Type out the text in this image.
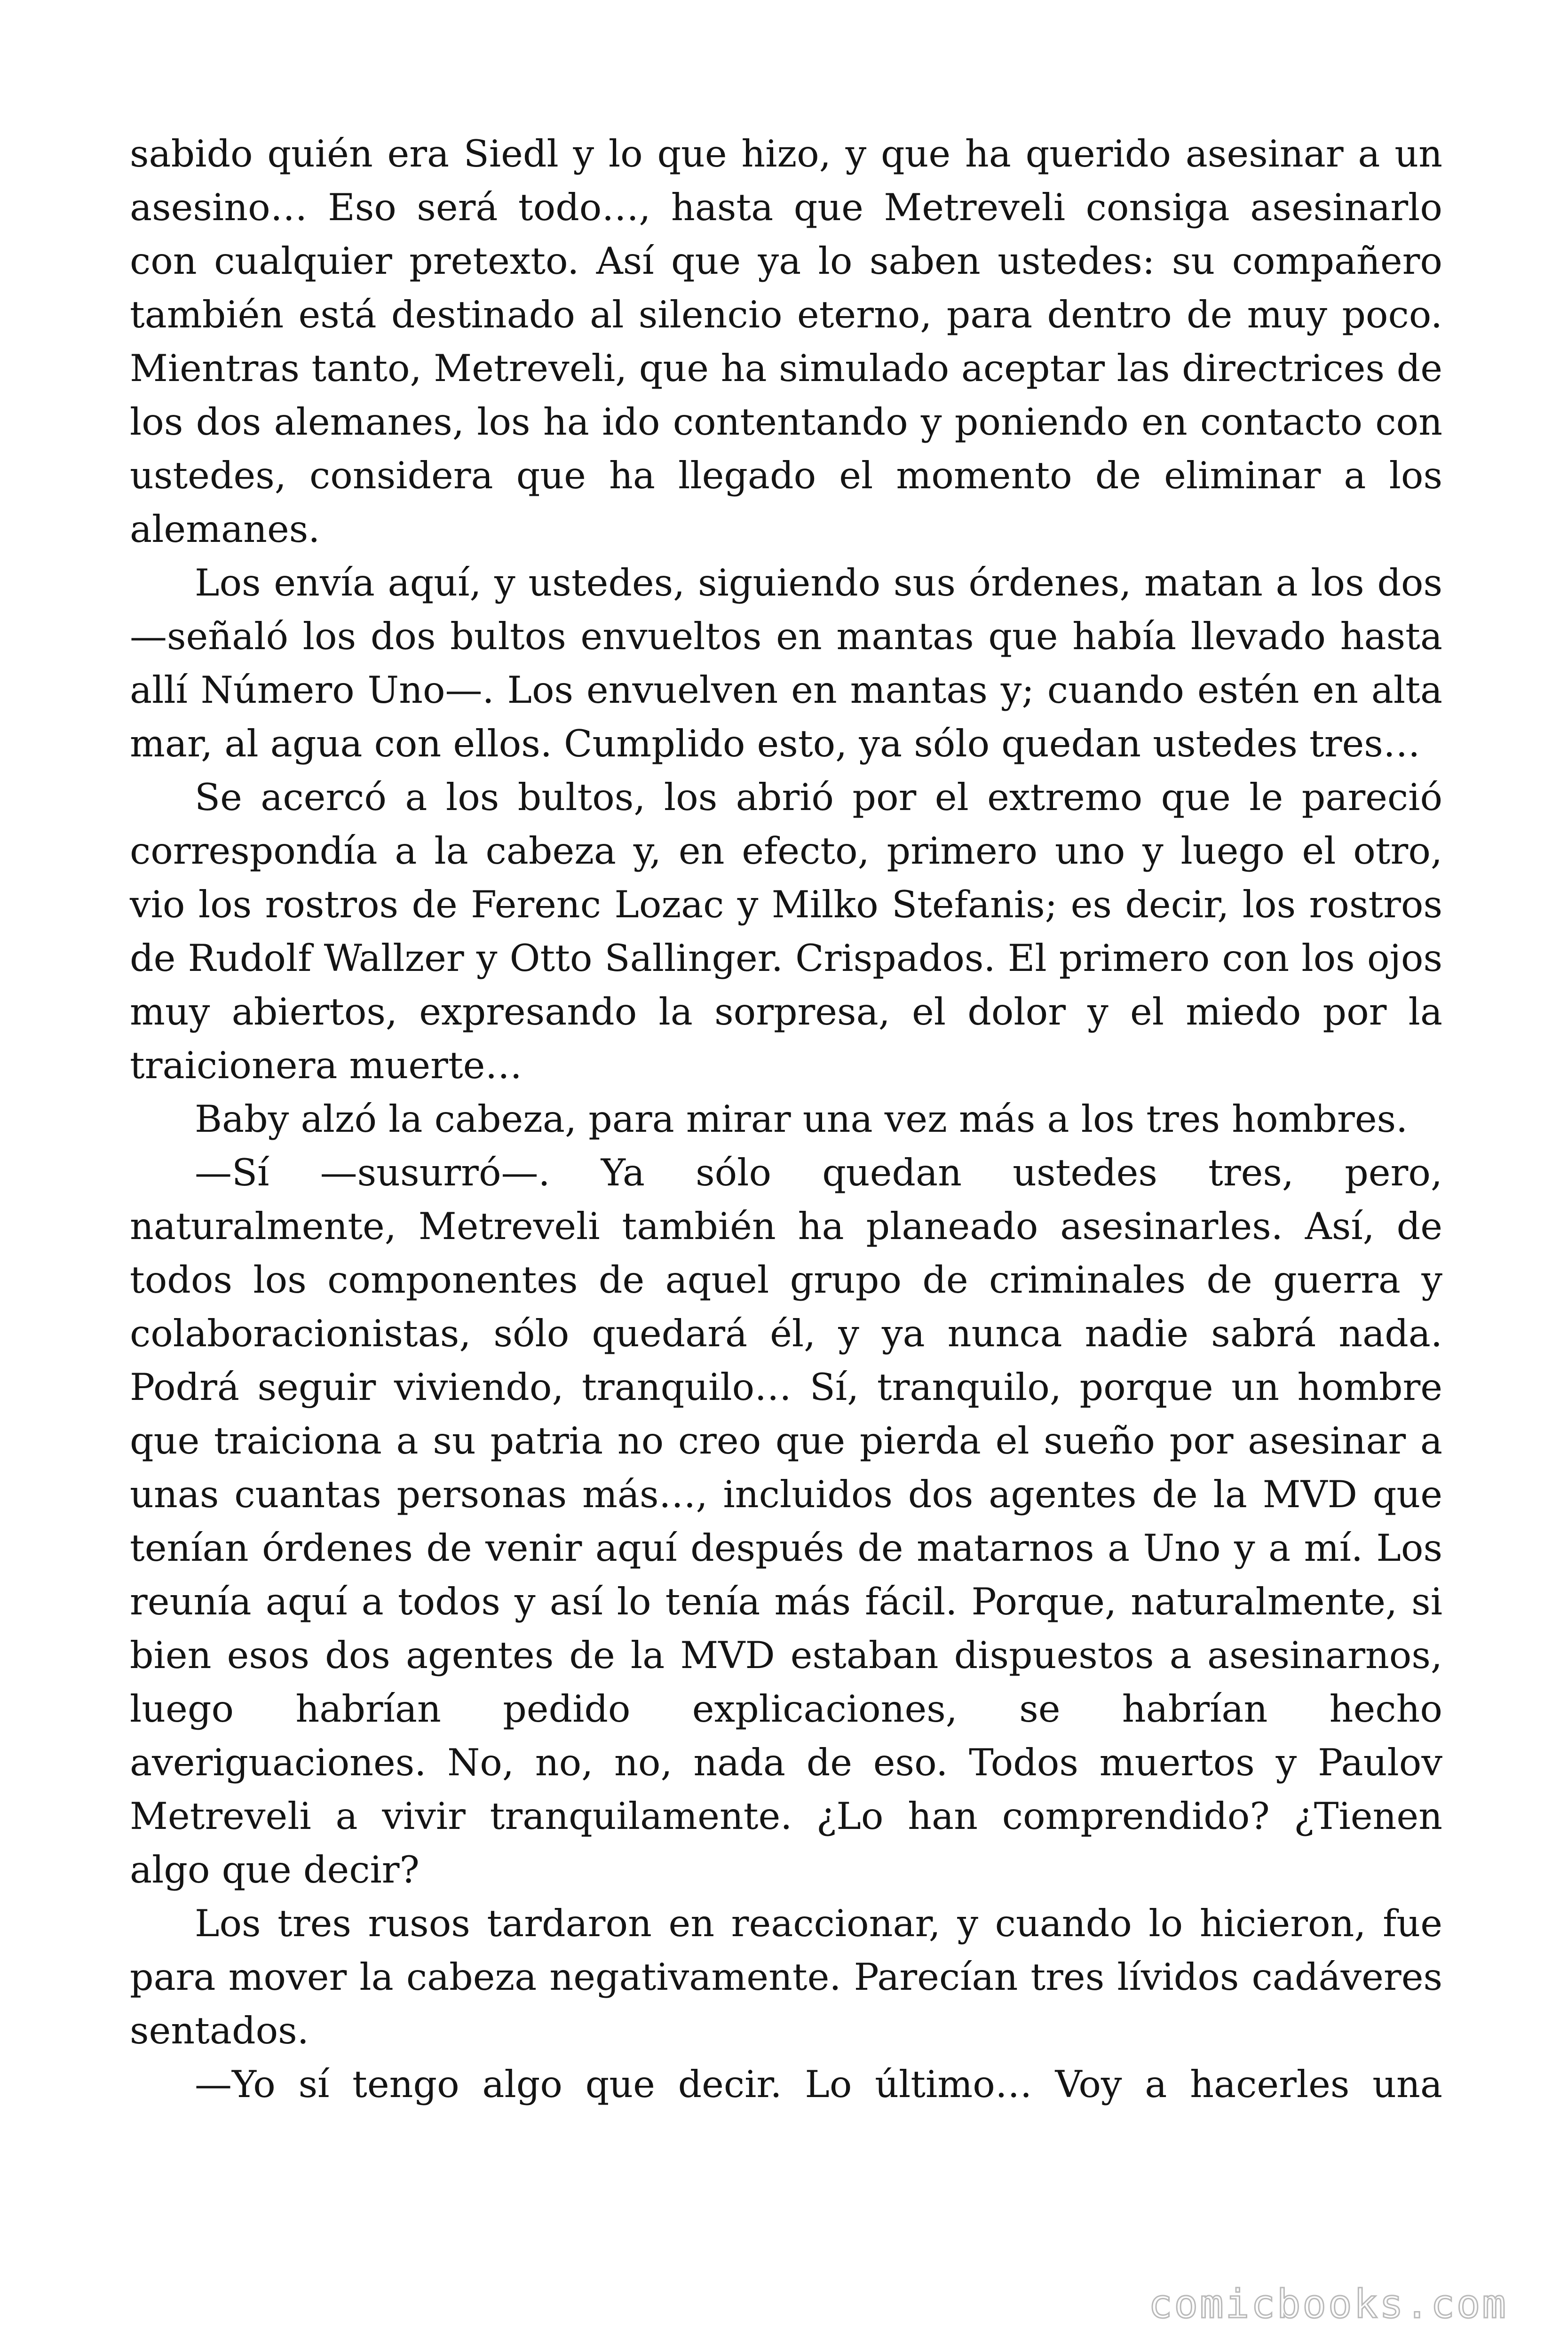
sabido quién era Siedl y lo que hizo, y que ha querido asesinar a un asesino… Eso será todo…, hasta que Metreveli consiga asesinarlo con cualquier pretexto. Así que ya lo saben ustedes: su compañero también está destinado al silencio eterno, para dentro de muy poco. Mientras tanto, Metreveli, que ha simulado aceptar las directrices de los dos alemanes, los ha ido contentando y poniendo en contacto con ustedes, considera que ha llegado el momento de eliminar a los alemanes.

Los envía aquí, y ustedes, siguiendo sus órdenes, matan a los dos —señaló los dos bultos envueltos en mantas que había llevado hasta allí Número Uno—. Los envuelven en mantas y; cuando estén en alta mar, al agua con ellos. Cumplido esto, ya sólo quedan ustedes tres…

Se acercó a los bultos, los abrió por el extremo que le pareció correspondía a la cabeza y, en efecto, primero uno y luego el otro, vio los rostros de Ferenc Lozac y Milko Stefanis; es decir, los rostros de Rudolf Wallzer y Otto Sallinger. Crispados. El primero con los ojos muy abiertos, expresando la sorpresa, el dolor y el miedo por la traicionera muerte…

Baby alzó la cabeza, para mirar una vez más a los tres hombres.

—Sí —susurró—. Ya sólo quedan ustedes tres, pero, naturalmente, Metreveli también ha planeado asesinarles. Así, de todos los componentes de aquel grupo de criminales de guerra y colaboracionistas, sólo quedará él, y ya nunca nadie sabrá nada. Podrá seguir viviendo, tranquilo… Sí, tranquilo, porque un hombre que traiciona a su patria no creo que pierda el sueño por asesinar a unas cuantas personas más…, incluidos dos agentes de la MVD que tenían órdenes de venir aquí después de matarnos a Uno y a mí. Los reunía aquí a todos y así lo tenía más fácil. Porque, naturalmente, si bien esos dos agentes de la MVD estaban dispuestos a asesinarnos, luego habrían pedido explicaciones, se habrían hecho averiguaciones. No, no, no, nada de eso. Todos muertos y Paulov Metreveli a vivir tranquilamente. ¿Lo han comprendido? ¿Tienen algo que decir?

Los tres rusos tardaron en reaccionar, y cuando lo hicieron, fue para mover la cabeza negativamente. Parecían tres lívidos cadáveres sentados.

—Yo sí tengo algo que decir. Lo último… Voy a hacerles una

comicbooks.com
